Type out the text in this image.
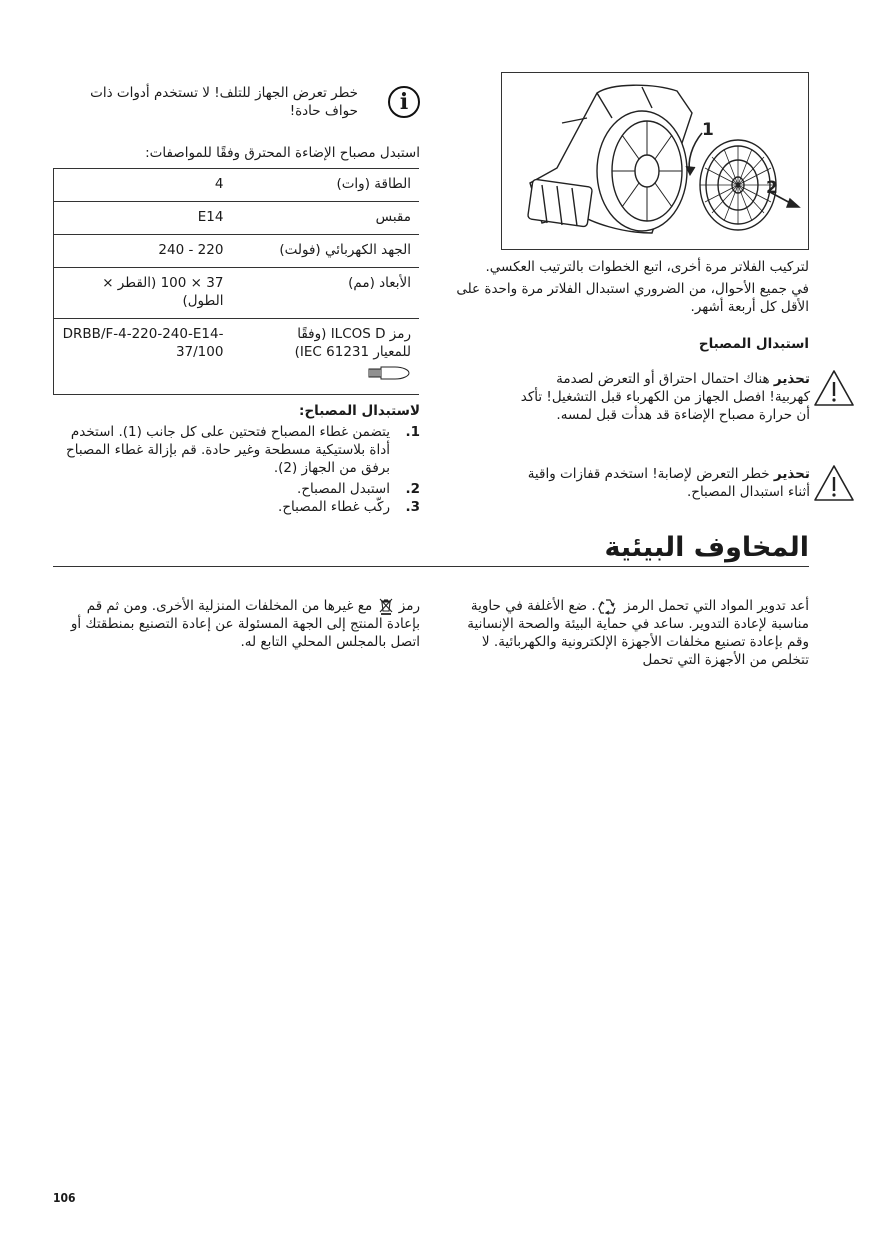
1
2
i
خطر تعرض الجهاز للتلف! لا تستخدم أدوات ذات حواف حادة!
استبدل مصباح الإضاءة المحترق وفقًا للمواصفات:
الطاقة (وات)	4
مقبس	E14
الجهد الكهربائي (فولت)	220 - 240
الأبعاد (مم)	37 × 100 (القطر × الطول)

رمز ILCOS D (وفقًا للمعيار IEC 61231)	DRBB/F-4-220-240-E14-37/100
لاستبدال المصباح:
1.
يتضمن غطاء المصباح فتحتين على كل جانب (1). استخدم أداة بلاستيكية مسطحة وغير حادة. قم بإزالة غطاء المصباح برفق من الجهاز (2).
2.
استبدل المصباح.
3.
ركّب غطاء المصباح.
لتركيب الفلاتر مرة أخرى، اتبع الخطوات بالترتيب العكسي.
في جميع الأحوال، من الضروري استبدال الفلاتر مرة واحدة على الأقل كل أربعة أشهر.
استبدال المصباح
تحذير هناك احتمال احتراق أو التعرض لصدمة كهربية! افصل الجهاز من الكهرباء قبل التشغيل! تأكد أن حرارة مصباح الإضاءة قد هدأت قبل لمسه.
تحذير خطر التعرض لإصابة! استخدم قفازات واقية أثناء استبدال المصباح.
المخاوف البيئية
أعد تدوير المواد التي تحمل الرمز . ضع الأغلفة في حاوية مناسبة لإعادة التدوير. ساعد في حماية البيئة والصحة الإنسانية وقم بإعادة تصنيع مخلفات الأجهزة الإلكترونية والكهربائية. لا تتخلص من الأجهزة التي تحمل
رمز  مع غيرها من المخلفات المنزلية الأخرى. ومن ثم قم بإعادة المنتج إلى الجهة المسئولة عن إعادة التصنيع بمنطقتك أو اتصل بالمجلس المحلي التابع له.
106
